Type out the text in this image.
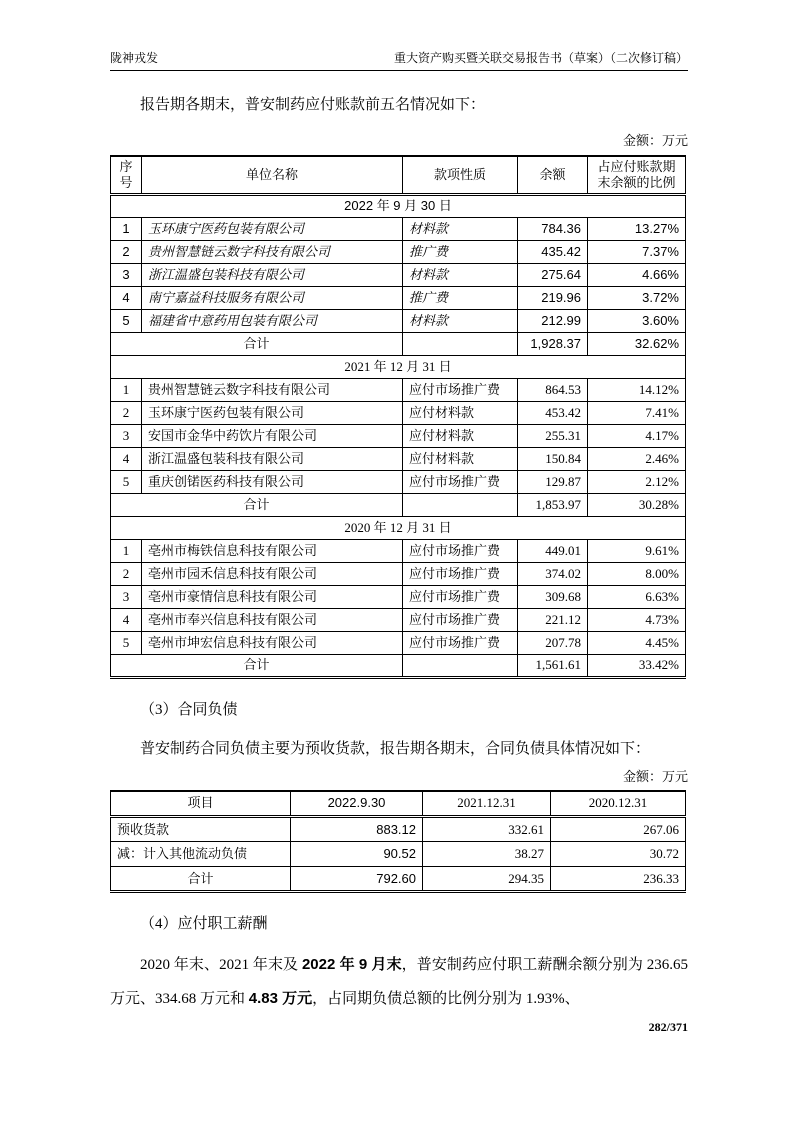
陇神戎发	重大资产购买暨关联交易报告书（草案）（二次修订稿）

报告期各期末，普安制药应付账款前五名情况如下：

金额：万元
序号	单位名称	款项性质	余额	占应付账款期末余额的比例
2022 年 9 月 30 日				
1	玉环康宁医药包装有限公司	材料款	784.36	13.27%
2	贵州智慧链云数字科技有限公司	推广费	435.42	7.37%
3	浙江温盛包装科技有限公司	材料款	275.64	4.66%
4	南宁嘉益科技服务有限公司	推广费	219.96	3.72%
5	福建省中意药用包装有限公司	材料款	212.99	3.60%
合计			1,928.37	32.62%
2021 年 12 月 31 日				
1	贵州智慧链云数字科技有限公司	应付市场推广费	864.53	14.12%
2	玉环康宁医药包装有限公司	应付材料款	453.42	7.41%
3	安国市金华中药饮片有限公司	应付材料款	255.31	4.17%
4	浙江温盛包装科技有限公司	应付材料款	150.84	2.46%
5	重庆创锘医药科技有限公司	应付市场推广费	129.87	2.12%
合计			1,853.97	30.28%
2020 年 12 月 31 日				
1	亳州市梅铁信息科技有限公司	应付市场推广费	449.01	9.61%
2	亳州市园禾信息科技有限公司	应付市场推广费	374.02	8.00%
3	亳州市豪情信息科技有限公司	应付市场推广费	309.68	6.63%
4	亳州市奉兴信息科技有限公司	应付市场推广费	221.12	4.73%
5	亳州市坤宏信息科技有限公司	应付市场推广费	207.78	4.45%
合计			1,561.61	33.42%

（3）合同负债

普安制药合同负债主要为预收货款，报告期各期末，合同负债具体情况如下：

金额：万元
项目	2022.9.30	2021.12.31	2020.12.31
预收货款	883.12	332.61	267.06
减：计入其他流动负债	90.52	38.27	30.72
合计	792.60	294.35	236.33

（4）应付职工薪酬

2020 年末、2021 年末及 2022 年 9 月末，普安制药应付职工薪酬余额分别为 236.65 万元、334.68 万元和 4.83 万元，占同期负债总额的比例分别为 1.93%、

282/371
